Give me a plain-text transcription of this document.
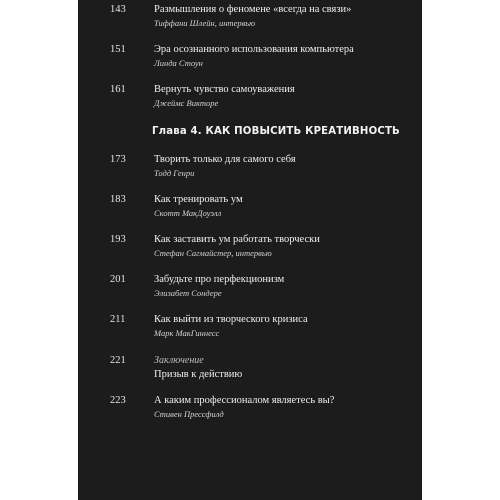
143	Размышления о феномене «всегда на связи»
Тиффани Шлейн, интервью
151	Эра осознанного использования компьютера
Линда Стоун
161	Вернуть чувство самоуважения
Джеймс Викторе
Глава 4. КАК ПОВЫСИТЬ КРЕАТИВНОСТЬ
173	Творить только для самого себя
Тодд Генри
183	Как тренировать ум
Скотт МакДоуэлл
193	Как заставить ум работать творчески
Стефан Сагмайстер, интервью
201	Забудьте про перфекционизм
Элизабет Сондере
211	Как выйти из творческого кризиса
Марк МакГиннесс
221	Заключение
Призыв к действию
223	А каким профессионалом являетесь вы?
Стивен Прессфилд
